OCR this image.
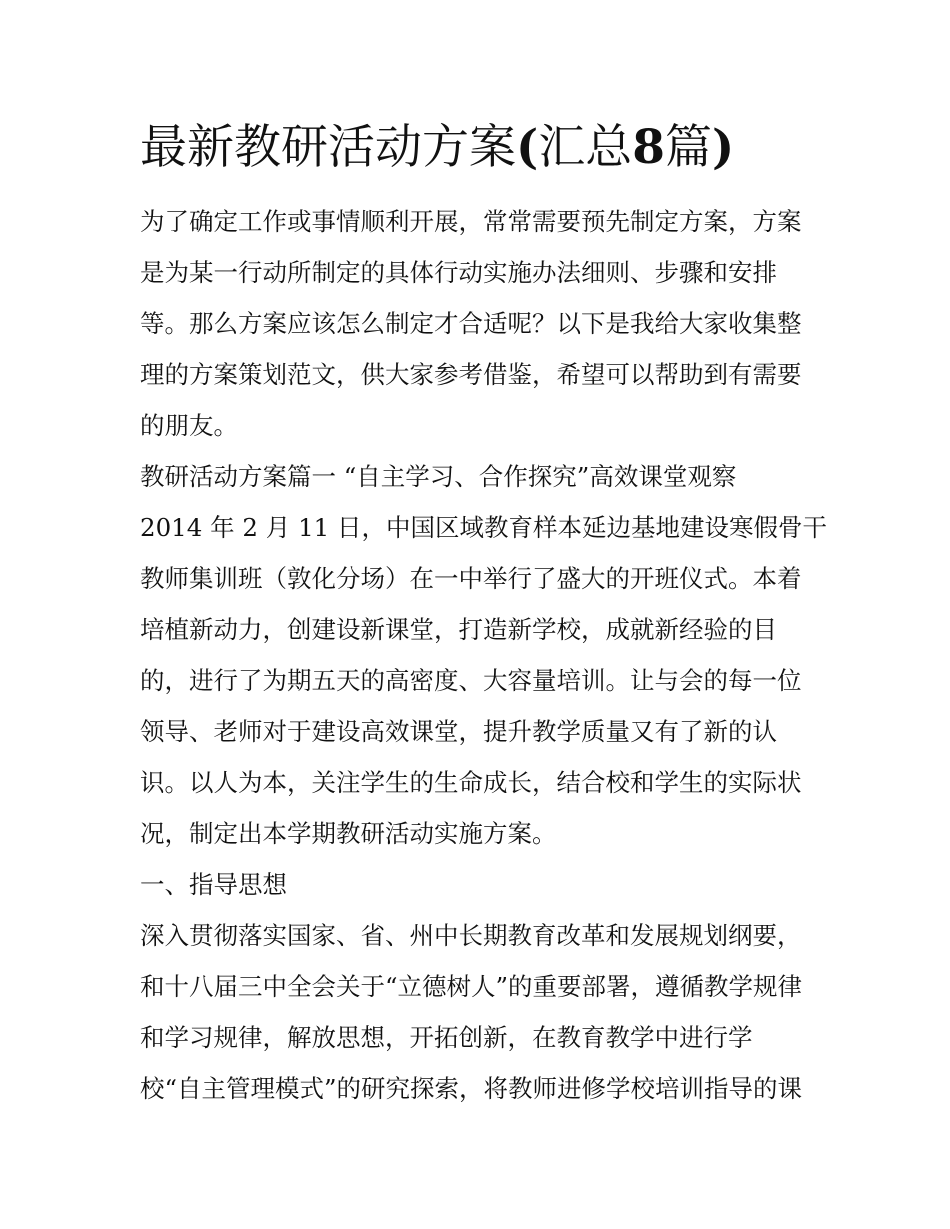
最新教研活动方案(汇总8篇)

为了确定工作或事情顺利开展，常常需要预先制定方案，方案

是为某一行动所制定的具体行动实施办法细则、步骤和安排

等。那么方案应该怎么制定才合适呢？以下是我给大家收集整

理的方案策划范文，供大家参考借鉴，希望可以帮助到有需要

的朋友。

教研活动方案篇一 “自主学习、合作探究”高效课堂观察

2014 年 2 月 11 日，中国区域教育样本延边基地建设寒假骨干

教师集训班（敦化分场）在一中举行了盛大的开班仪式。本着

培植新动力，创建设新课堂，打造新学校，成就新经验的目

的，进行了为期五天的高密度、大容量培训。让与会的每一位

领导、老师对于建设高效课堂，提升教学质量又有了新的认

识。以人为本，关注学生的生命成长，结合校和学生的实际状

况，制定出本学期教研活动实施方案。

一、指导思想

深入贯彻落实国家、省、州中长期教育改革和发展规划纲要，

和十八届三中全会关于“立德树人”的重要部署，遵循教学规律

和学习规律，解放思想，开拓创新，在教育教学中进行学

校“自主管理模式”的研究探索，将教师进修学校培训指导的课
